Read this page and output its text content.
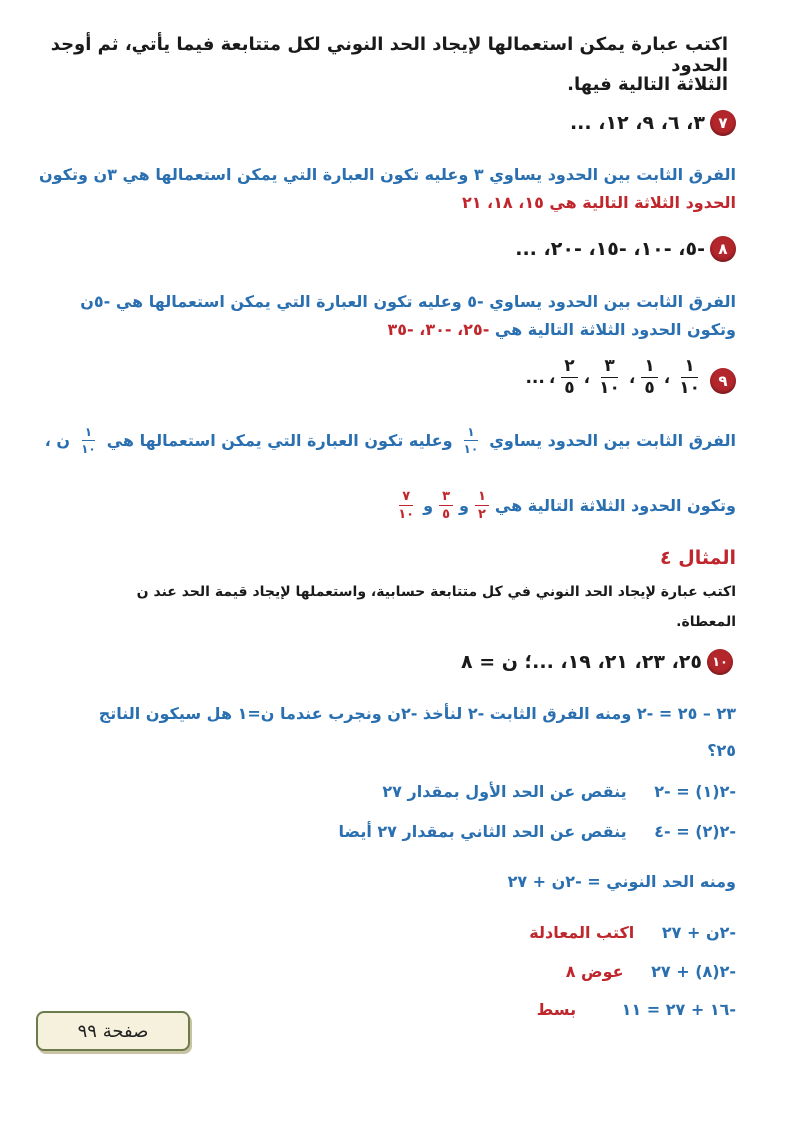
اكتب عبارة يمكن استعمالها لإيجاد الحد النوني لكل متتابعة فيما يأتي، ثم أوجد الحدود
الثلاثة التالية فيها.
٧
٣، ٦، ٩، ١٢، ...
الفرق الثابت بين الحدود يساوي ٣ وعليه تكون العبارة التي يمكن استعمالها هي ٣ن وتكون
الحدود الثلاثة التالية هي ١٥، ١٨، ٢١
٨
-٥، -١٠، -١٥، -٢٠، ...
الفرق الثابت بين الحدود يساوي -٥ وعليه تكون العبارة التي يمكن استعمالها هي -٥ن
وتكون الحدود الثلاثة التالية هي -٢٥، -٣٠، -٣٥
٩
$\frac{١}{١٠}$
،
$\frac{١}{٥}$
،
$\frac{٣}{١٠}$
،
$\frac{٢}{٥}$
،
...
الفرق الثابت بين الحدود يساوي
$\frac{١}{١٠}$
وعليه تكون العبارة التي يمكن استعمالها هي
$\frac{١}{١٠}$
ن ،
وتكون الحدود الثلاثة التالية هي
$\frac{١}{٢}$
و
$\frac{٣}{٥}$
و
$\frac{٧}{١٠}$
المثال ٤
اكتب عبارة لإيجاد الحد النوني في كل متتابعة حسابية، واستعملها لإيجاد قيمة الحد عند ن
المعطاة.
١٠
٢٥، ٢٣، ٢١، ١٩، ...؛ ن = ٨
٢٣ – ٢٥ = -٢ ومنه الفرق الثابت -٢ لنأخذ -٢ن ونجرب عندما ن=١ هل سيكون الناتج
٢٥؟
-٢(١) = -٢ ينقص عن الحد الأول بمقدار ٢٧
-٢(٢) = -٤ ينقص عن الحد الثاني بمقدار ٢٧ أيضا
ومنه الحد النوني = -٢ن + ٢٧
-٢ن + ٢٧ اكتب المعادلة
-٢(٨) + ٢٧ عوض ٨
-١٦ + ٢٧ = ١١ بسط
صفحة ٩٩
